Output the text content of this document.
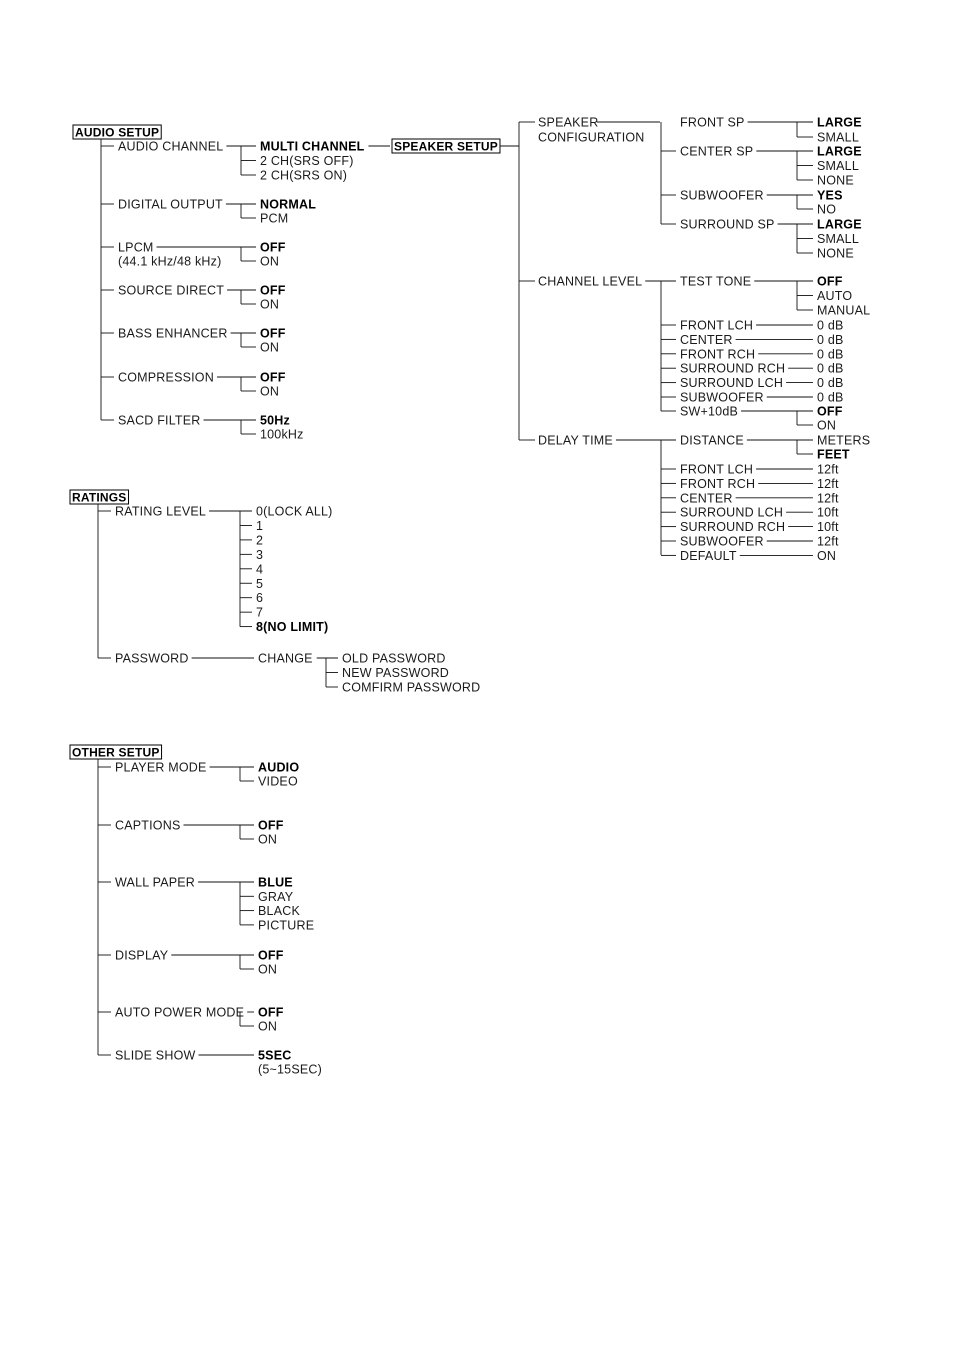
AUDIO SETUP
AUDIO CHANNEL	MULTI CHANNEL
2 CH(SRS OFF)
2 CH(SRS ON)
DIGITAL OUTPUT	NORMAL
PCM
LPCM	OFF
ON
(44.1 kHz/48 kHz)
SOURCE DIRECT	OFF
ON
BASS ENHANCER	OFF
ON
COMPRESSION	OFF
ON
SACD FILTER	50Hz
100kHz
SPEAKER SETUP
SPEAKER
CONFIGURATION
FRONT SP	LARGE
SMALL
CENTER SP	LARGE
SMALL
NONE
SUBWOOFER	YES
NO
SURROUND SP	LARGE
SMALL
NONE
CHANNEL LEVEL	TEST TONE	OFF
AUTO
MANUAL
FRONT LCH	0 dB
CENTER	0 dB
FRONT RCH	0 dB
SURROUND RCH	0 dB
SURROUND LCH	0 dB
SUBWOOFER	0 dB
SW+10dB	OFF
ON
DELAY TIME	DISTANCE	METERS
FEET
FRONT LCH	12ft
FRONT RCH	12ft
CENTER	12ft
SURROUND LCH	10ft
SURROUND RCH	10ft
SUBWOOFER	12ft
DEFAULT	ON
RATINGS
RATING LEVEL	0(LOCK ALL)
1
2
3
4
5
6
7
8(NO LIMIT)
PASSWORD	CHANGE OLD PASSWORD
NEW PASSWORD
COMFIRM PASSWORD
OTHER SETUP
PLAYER MODE	AUDIO
VIDEO
CAPTIONS	OFF
ON
WALL PAPER	BLUE
GRAY
BLACK
PICTURE
DISPLAY	OFF
ON
AUTO POWER MODE OFF
ON
SLIDE SHOW	5SEC
(5~15SEC)
